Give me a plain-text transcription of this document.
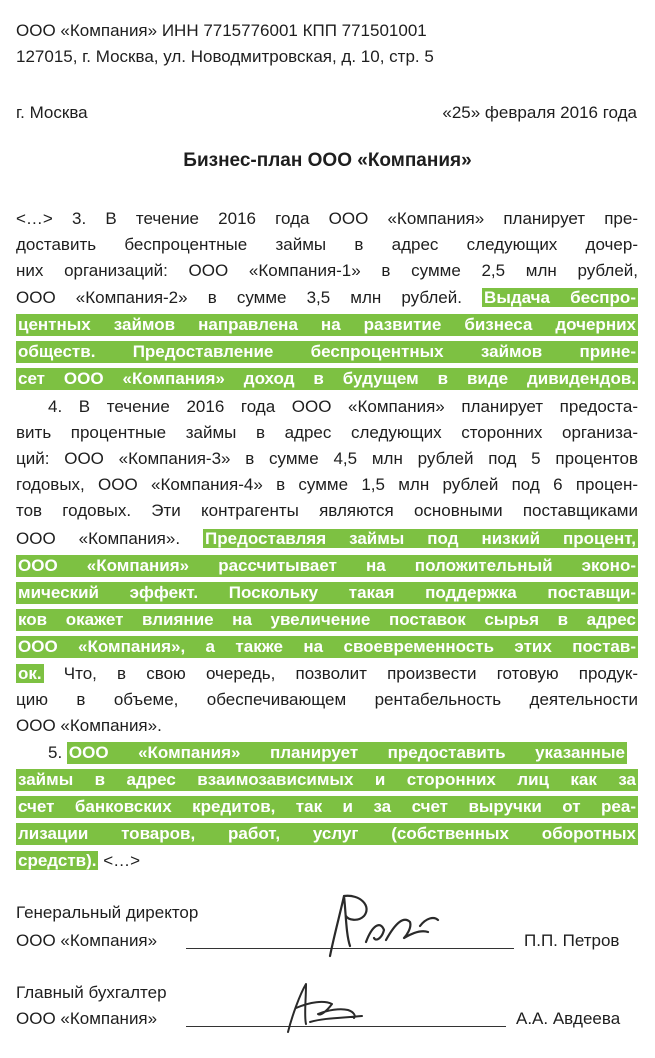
ООО «Компания» ИНН 7715776001 КПП 771501001
127015, г. Москва, ул. Новодмитровская, д. 10, стр. 5
г. Москва	«25» февраля 2016 года
Бизнес-план ООО «Компания»
<…> 3. В течение 2016 года ООО «Компания» планирует пре-
доставить беспроцентные займы в адрес следующих дочер-
них организаций: ООО «Компания-1» в сумме 2,5 млн рублей,
ООО «Компания-2» в сумме 3,5 млн рублей. Выдача беспро-
центных займов направлена на развитие бизнеса дочерних
обществ. Предоставление беспроцентных займов прине-
сет ООО «Компания» доход в будущем в виде дивидендов.
4. В течение 2016 года ООО «Компания» планирует предоста-
вить процентные займы в адрес следующих сторонних организа-
ций: ООО «Компания-3» в сумме 4,5 млн рублей под 5 процентов
годовых, ООО «Компания-4» в сумме 1,5 млн рублей под 6 процен-
тов годовых. Эти контрагенты являются основными поставщиками
ООО «Компания». Предоставляя займы под низкий процент,
ООО «Компания» рассчитывает на положительный эконо-
мический эффект. Поскольку такая поддержка поставщи-
ков окажет влияние на увеличение поставок сырья в адрес
ООО «Компания», а также на своевременность этих постав-
ок. Что, в свою очередь, позволит произвести готовую продук-
цию в объеме, обеспечивающем рентабельность деятельности
ООО «Компания».
5. ООО «Компания» планирует предоставить указанные
займы в адрес взаимозависимых и сторонних лиц как за
счет банковских кредитов, так и за счет выручки от реа-
лизации товаров, работ, услуг (собственных оборотных
средств). <…>
Генеральный директор
ООО «Компания»	П.П. Петров
Главный бухгалтер
ООО «Компания»	А.А. Авдеева
